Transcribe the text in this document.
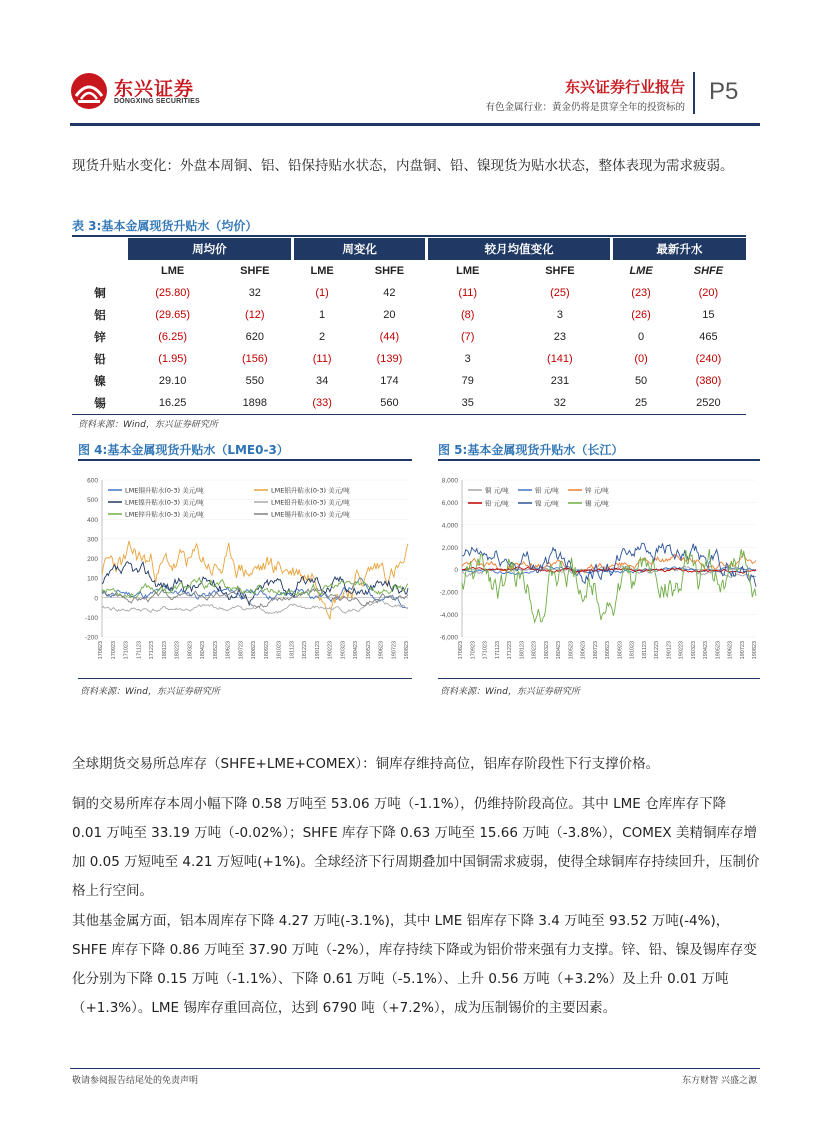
东兴证券
DONGXING SECURITIES
东兴证券行业报告
有色金属行业：黄金仍将是贯穿全年的投资标的
P5
现货升贴水变化：外盘本周铜、铝、铅保持贴水状态，内盘铜、铅、镍现货为贴水状态，整体表现为需求疲弱。
表 3:基本金属现货升贴水（均价）
	周均价		周变化		较月均值变化		最新升水	
	LME	SHFE	LME	SHFE	LME	SHFE	LME	SHFE
铜	(25.80)	32	(1)	42	(11)	(25)	(23)	(20)
铝	(29.65)	(12)	1	20	(8)	3	(26)	15
锌	(6.25)	620	2	(44)	(7)	23	0	465
铅	(1.95)	(156)	(11)	(139)	3	(141)	(0)	(240)
镍	29.10	550	34	174	79	231	50	(380)
锡	16.25	1898	(33)	560	35	32	25	2520
资料来源：Wind，东兴证券研究所
图 4:基本金属现货升贴水（LME0-3）
600
500
400
300
200
100
0
-100
-200
170823 170923 171023 171123 171223 180123 180223 180323 180423 180523 180623 180723 180823 180923 181023 181123 181223 190123 190223 190323 190423 190523 190623 190723 190823
LME铜升贴水(0-3) 美元/吨	LME铝升贴水(0-3) 美元/吨
LME镍升贴水(0-3) 美元/吨	LME铅升贴水(0-3) 美元/吨
LME锌升贴水(0-3) 美元/吨	LME锡升贴水(0-3) 美元/吨
资料来源：Wind，东兴证券研究所
图 5:基本金属现货升贴水（长江）
8,000
6,000
4,000
2,000
0
-2,000
-4,000
-6,000
170823 170923 171023 171123 171223 180123 180223 180323 180423 180523 180623 180723 180823 180923 181023 181123 181223 190123 190223 190323 190423 190523 190623 190723 190823
铜 元/吨	铝 元/吨	锌 元/吨
铅 元/吨	镍 元/吨	锡 元/吨
资料来源：Wind，东兴证券研究所
全球期货交易所总库存（SHFE+LME+COMEX）：铜库存维持高位，铝库存阶段性下行支撑价格。
铜的交易所库存本周小幅下降 0.58 万吨至 53.06 万吨（-1.1%），仍维持阶段高位。其中 LME 仓库库存下降 0.01 万吨至 33.19 万吨（-0.02%）；SHFE 库存下降 0.63 万吨至 15.66 万吨（-3.8%），COMEX 美精铜库存增加 0.05 万短吨至 4.21 万短吨(+1%)。全球经济下行周期叠加中国铜需求疲弱，使得全球铜库存持续回升，压制价格上行空间。
其他基金属方面，铝本周库存下降 4.27 万吨(-3.1%)，其中 LME 铝库存下降 3.4 万吨至 93.52 万吨(-4%)，SHFE 库存下降 0.86 万吨至 37.90 万吨（-2%），库存持续下降或为铝价带来强有力支撑。锌、铅、镍及锡库存变化分别为下降 0.15 万吨（-1.1%）、下降 0.61 万吨（-5.1%）、上升 0.56 万吨（+3.2%）及上升 0.01 万吨（+1.3%）。LME 锡库存重回高位，达到 6790 吨（+7.2%），成为压制锡价的主要因素。
敬请参阅报告结尾处的免责声明	东方财智 兴盛之源
